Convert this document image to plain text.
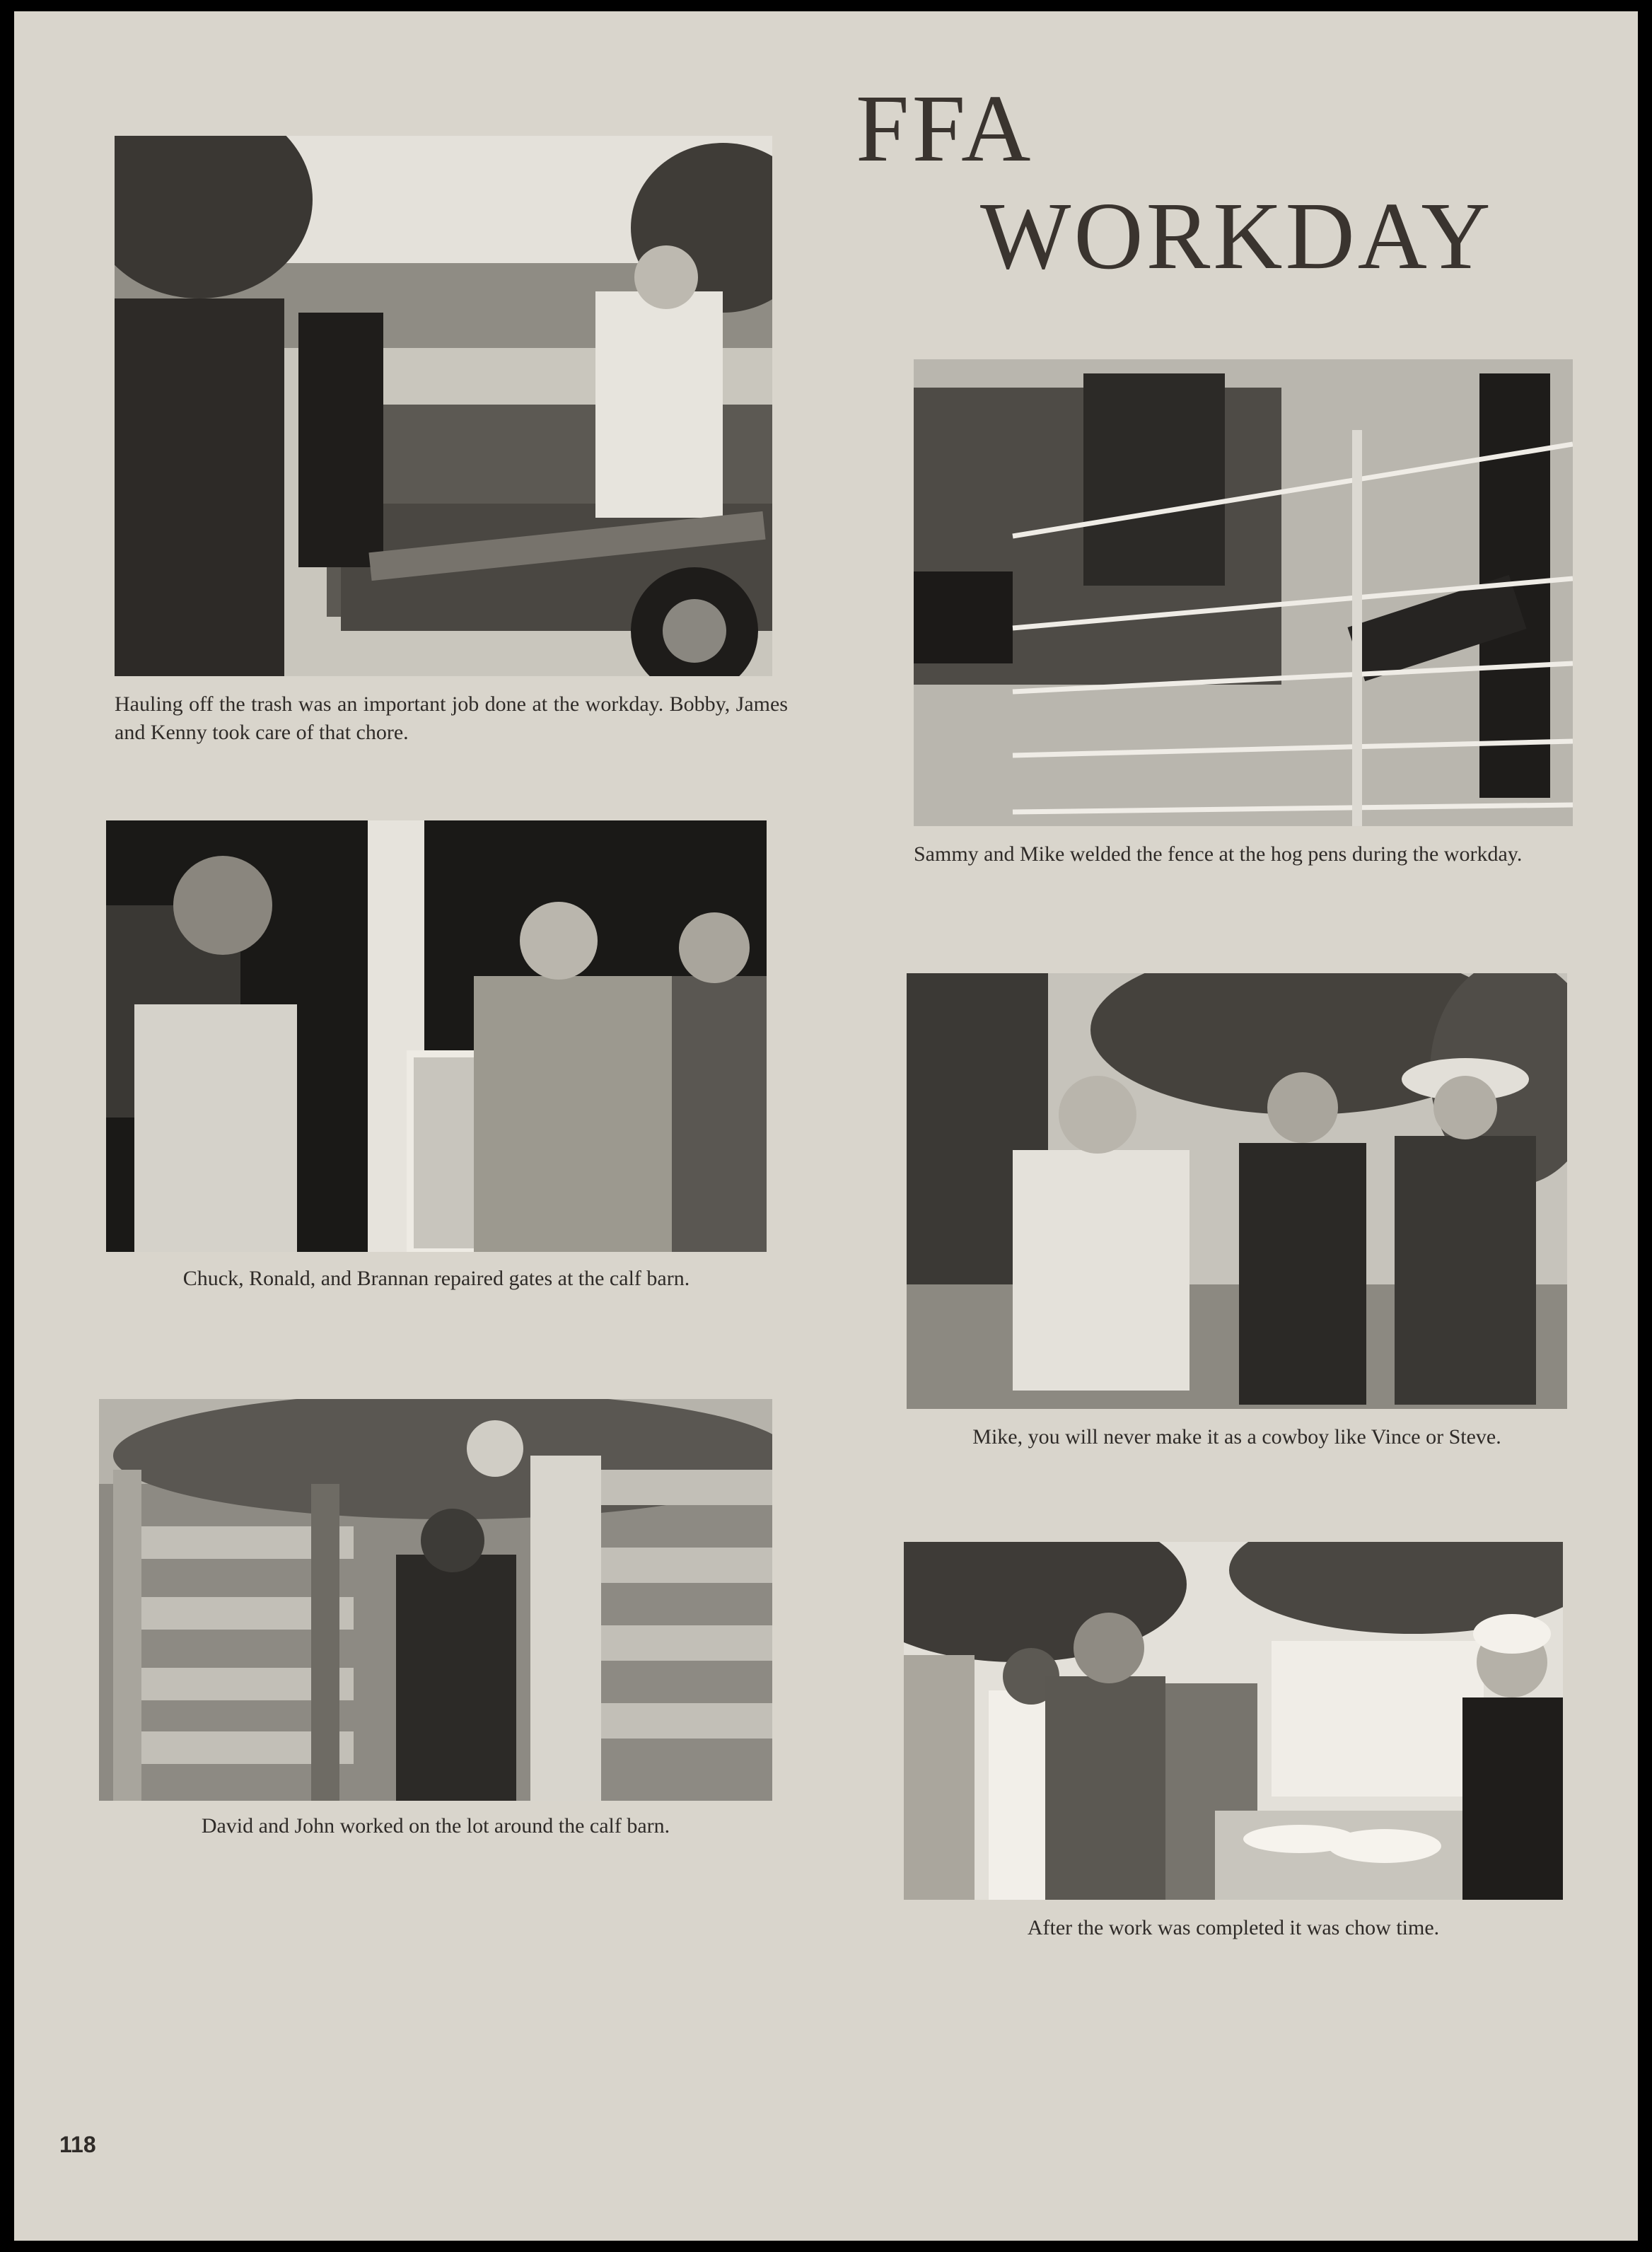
FFA

WORKDAY

Hauling off the trash was an important job done at the workday. Bobby, James and Kenny took care of that chore.

Sammy and Mike welded the fence at the hog pens during the workday.

Chuck, Ronald, and Brannan repaired gates at the calf barn.

Mike, you will never make it as a cowboy like Vince or Steve.

David and John worked on the lot around the calf barn.

After the work was completed it was chow time.

118
